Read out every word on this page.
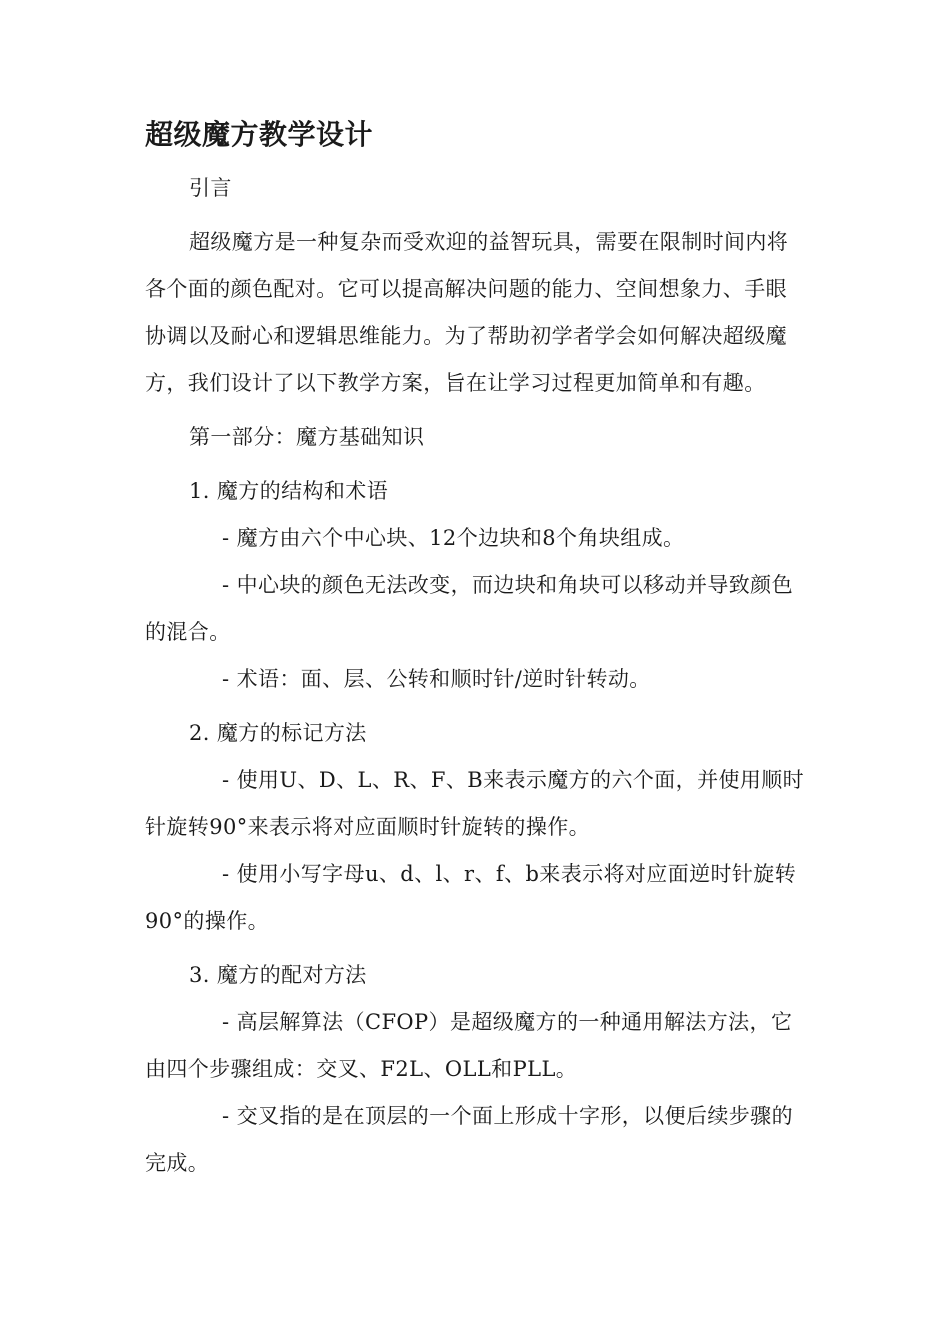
超级魔方教学设计

引言

超级魔方是一种复杂而受欢迎的益智玩具，需要在限制时间内将各个面的颜色配对。它可以提高解决问题的能力、空间想象力、手眼协调以及耐心和逻辑思维能力。为了帮助初学者学会如何解决超级魔方，我们设计了以下教学方案，旨在让学习过程更加简单和有趣。

第一部分：魔方基础知识

1. 魔方的结构和术语

- 魔方由六个中心块、12个边块和8个角块组成。

- 中心块的颜色无法改变，而边块和角块可以移动并导致颜色的混合。

- 术语：面、层、公转和顺时针/逆时针转动。

2. 魔方的标记方法

- 使用U、D、L、R、F、B来表示魔方的六个面，并使用顺时针旋转90°来表示将对应面顺时针旋转的操作。

- 使用小写字母u、d、l、r、f、b来表示将对应面逆时针旋转90°的操作。

3. 魔方的配对方法

- 高层解算法（CFOP）是超级魔方的一种通用解法方法，它由四个步骤组成：交叉、F2L、OLL和PLL。

- 交叉指的是在顶层的一个面上形成十字形，以便后续步骤的完成。
